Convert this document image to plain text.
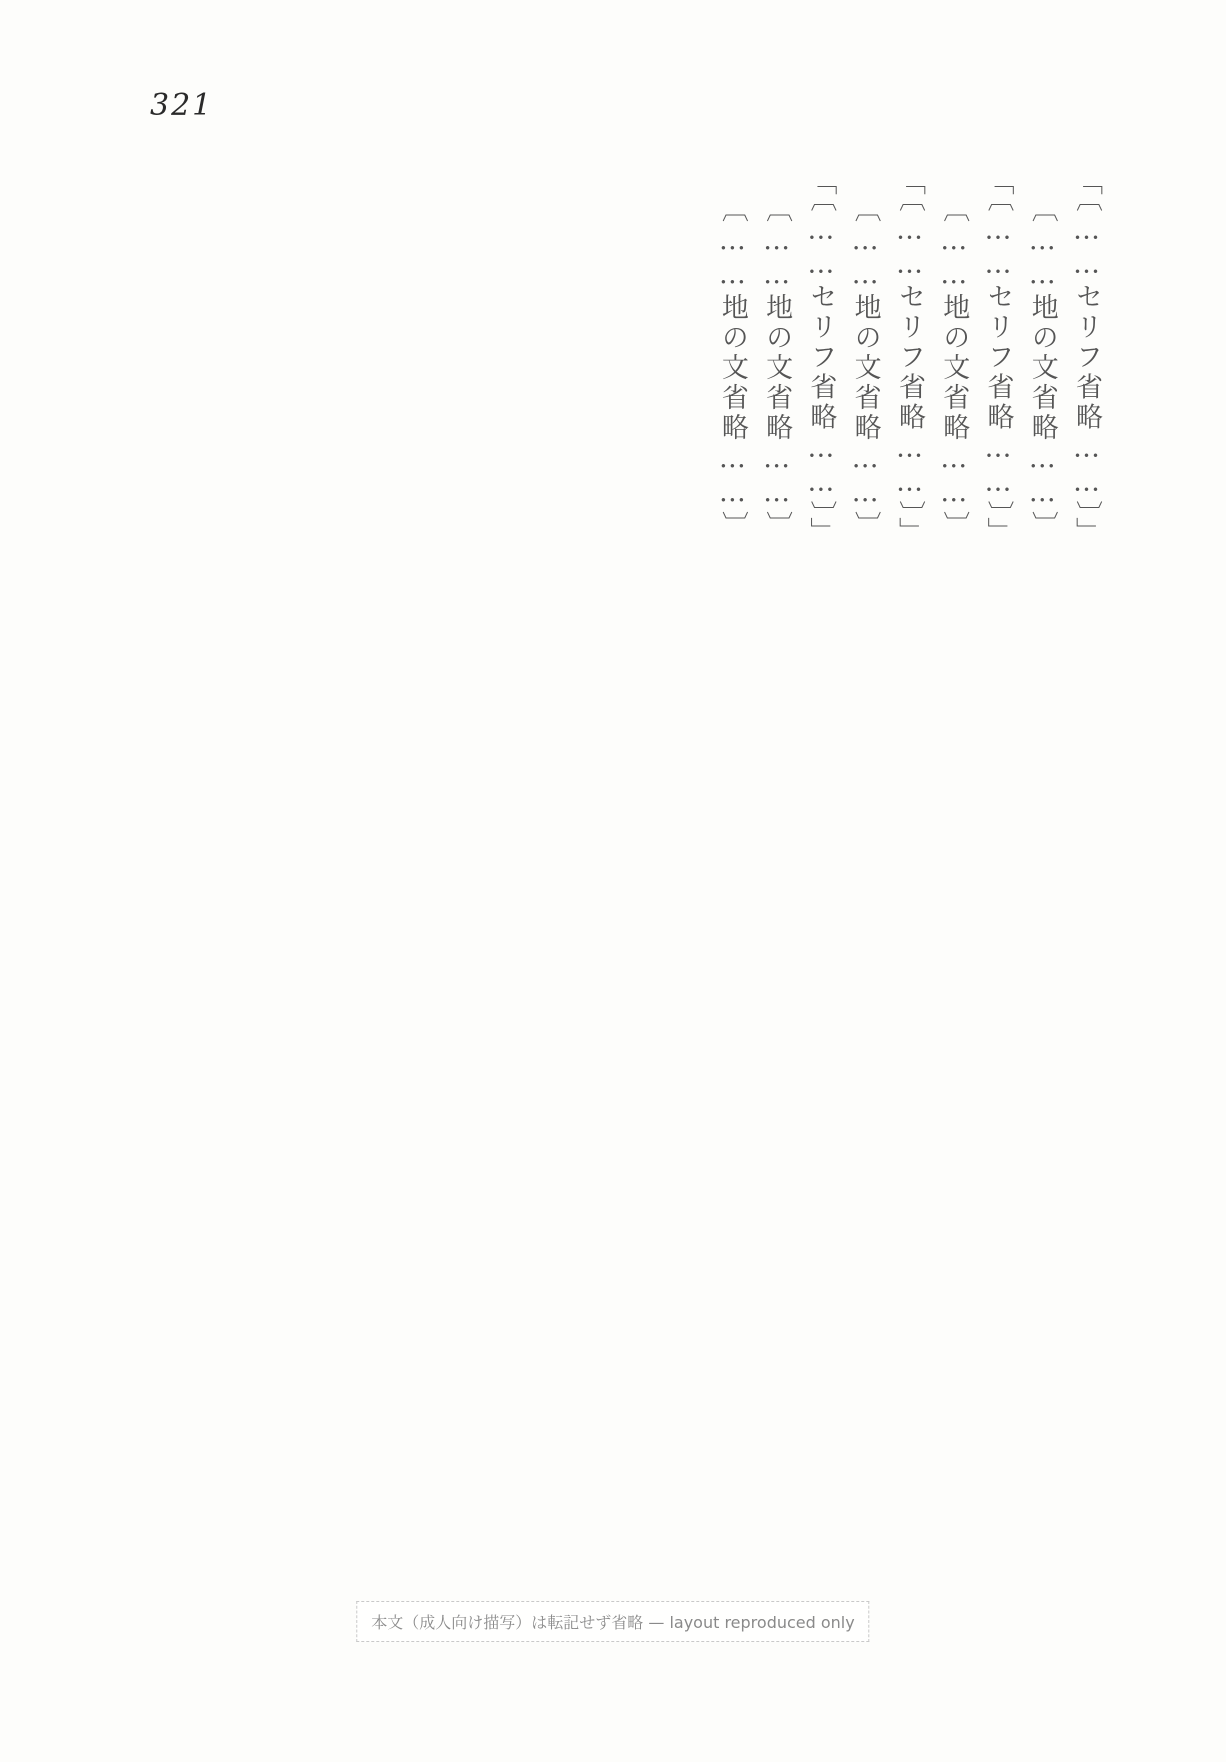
321

「〔……セリフ省略……〕」

〔……地の文省略……〕

「〔……セリフ省略……〕」

〔……地の文省略……〕

「〔……セリフ省略……〕」

〔……地の文省略……〕

「〔……セリフ省略……〕」

〔……地の文省略……〕

〔……地の文省略……〕

本文（成人向け描写）は転記せず省略 — layout reproduced only
